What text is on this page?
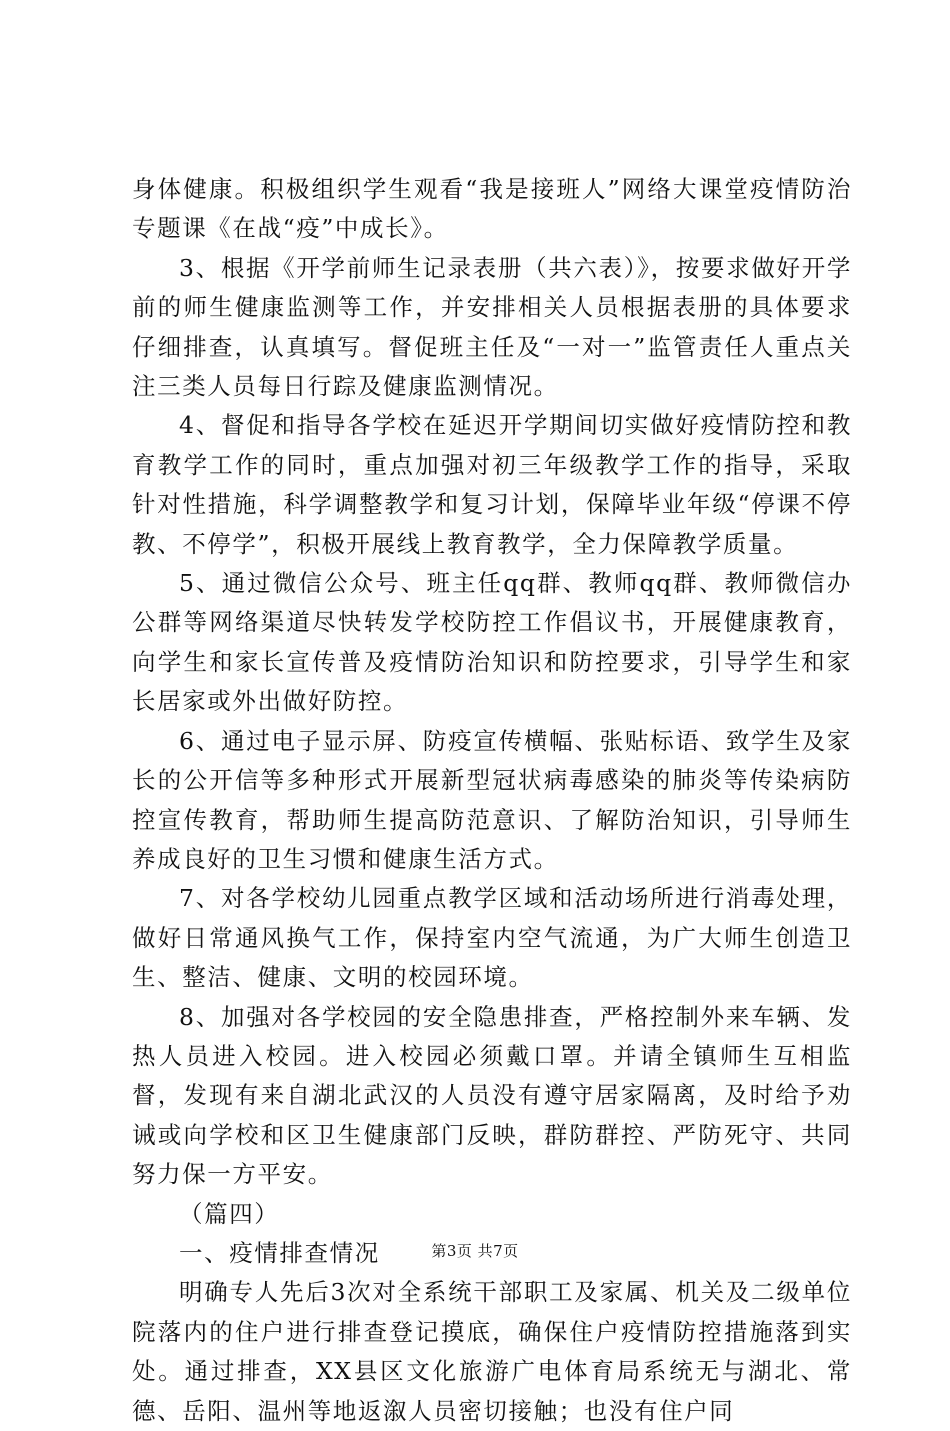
身体健康。积极组织学生观看“我是接班人”网络大课堂疫情防治专题课《在战“疫”中成长》。

3、根据《开学前师生记录表册（共六表）》，按要求做好开学前的师生健康监测等工作，并安排相关人员根据表册的具体要求仔细排查，认真填写。督促班主任及“一对一”监管责任人重点关注三类人员每日行踪及健康监测情况。

4、督促和指导各学校在延迟开学期间切实做好疫情防控和教育教学工作的同时，重点加强对初三年级教学工作的指导，采取针对性措施，科学调整教学和复习计划，保障毕业年级“停课不停教、不停学”，积极开展线上教育教学，全力保障教学质量。

5、通过微信公众号、班主任qq群、教师qq群、教师微信办公群等网络渠道尽快转发学校防控工作倡议书，开展健康教育，向学生和家长宣传普及疫情防治知识和防控要求，引导学生和家长居家或外出做好防控。

6、通过电子显示屏、防疫宣传横幅、张贴标语、致学生及家长的公开信等多种形式开展新型冠状病毒感染的肺炎等传染病防控宣传教育，帮助师生提高防范意识、了解防治知识，引导师生养成良好的卫生习惯和健康生活方式。

7、对各学校幼儿园重点教学区域和活动场所进行消毒处理，做好日常通风换气工作，保持室内空气流通，为广大师生创造卫生、整洁、健康、文明的校园环境。

8、加强对各学校园的安全隐患排查，严格控制外来车辆、发热人员进入校园。进入校园必须戴口罩。并请全镇师生互相监督，发现有来自湖北武汉的人员没有遵守居家隔离，及时给予劝诫或向学校和区卫生健康部门反映，群防群控、严防死守、共同努力保一方平安。

（篇四）

一、疫情排查情况

明确专人先后3次对全系统干部职工及家属、机关及二级单位院落内的住户进行排查登记摸底，确保住户疫情防控措施落到实处。通过排查，XX县区文化旅游广电体育局系统无与湖北、常德、岳阳、温州等地返溆人员密切接触；也没有住户同

第3页 共7页
